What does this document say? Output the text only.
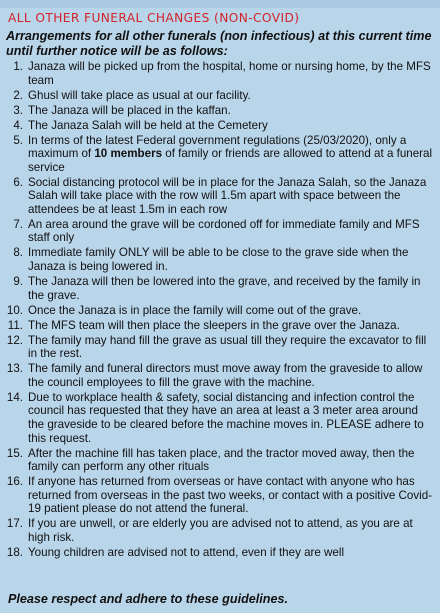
ALL OTHER FUNERAL CHANGES (NON-COVID)
Arrangements for all other funerals (non infectious) at this current time until further notice will be as follows:
1. Janaza will be picked up from the hospital, home or nursing home, by the MFS team
2. Ghusl will take place as usual at our facility.
3. The Janaza will be placed in the kaffan.
4. The Janaza Salah will be held at the Cemetery
5. In terms of the latest Federal government regulations (25/03/2020), only a maximum of 10 members of family or friends are allowed to attend at a funeral service
6. Social distancing protocol will be in place for the Janaza Salah, so the Janaza Salah will take place with the row will 1.5m apart with space between the attendees be at least 1.5m in each row
7. An area around the grave will be cordoned off for immediate family and MFS staff only
8. Immediate family ONLY will be able to be close to the grave side when the Janaza is being lowered in.
9. The Janaza will then be lowered into the grave, and received by the family in the grave.
10. Once the Janaza is in place the family will come out of the grave.
11. The MFS team will then place the sleepers in the grave over the Janaza.
12. The family may hand fill the grave as usual till they require the excavator to fill in the rest.
13. The family and funeral directors must move away from the graveside to allow the council employees to fill the grave with the machine.
14. Due to workplace health & safety, social distancing and infection control the council has requested that they have an area at least a 3 meter area around the graveside to be cleared before the machine moves in. PLEASE adhere to this request.
15. After the machine fill has taken place, and the tractor moved away, then the family can perform any other rituals
16. If anyone has returned from overseas or have contact with anyone who has returned from overseas in the past two weeks, or contact with a positive Covid-19 patient please do not attend the funeral.
17. If you are unwell, or are elderly you are advised not to attend, as you are at high risk.
18. Young children are advised not to attend, even if they are well
Please respect and adhere to these guidelines.
